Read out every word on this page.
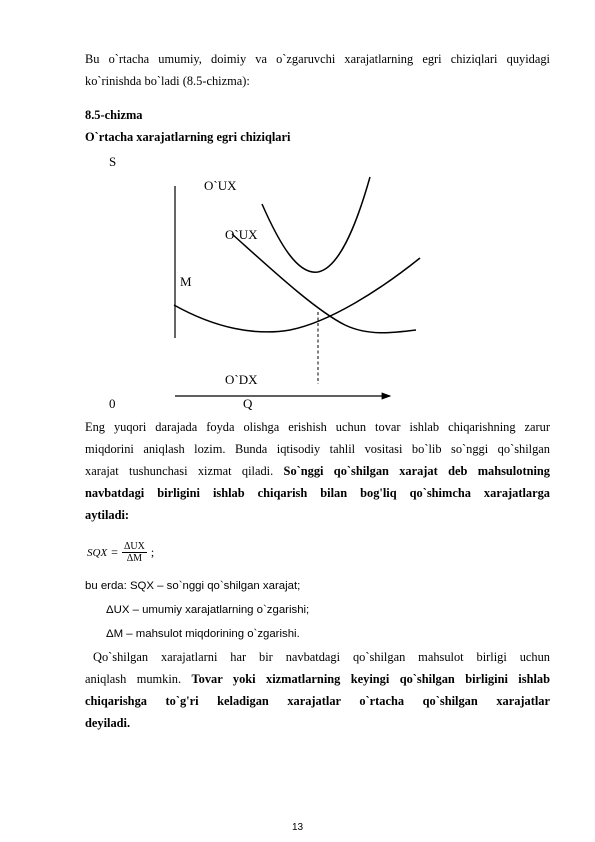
Bu o`rtacha umumiy, doimiy va o`zgaruvchi xarajatlarning egri chiziqlari quyidagi
ko`rinishda bo`ladi (8.5-chizma):
8.5-chizma
O`rtacha xarajatlarning egri chiziqlari
S
O`UX
O`UX
M
O`DX
0	Q
Eng yuqori darajada foyda olishga erishish uchun tovar ishlab chiqarishning zarur
miqdorini aniqlash lozim. Bunda iqtisodiy tahlil vositasi bo`lib so`nggi qo`shilgan
xarajat tushunchasi xizmat qiladi. So`nggi qo`shilgan xarajat deb mahsulotning
navbatdagi birligini ishlab chiqarish bilan bog'liq qo`shimcha xarajatlarga
aytiladi:
SQX = ΔUX
ΔM ;
bu erda: SQX – so`nggi qo`shilgan xarajat;
ΔUX – umumiy xarajatlarning o`zgarishi;
ΔM – mahsulot miqdorining o`zgarishi.
Qo`shilgan xarajatlarni har bir navbatdagi qo`shilgan mahsulot birligi uchun
aniqlash mumkin. Tovar yoki xizmatlarning keyingi qo`shilgan birligini ishlab
chiqarishga to`g'ri keladigan xarajatlar o`rtacha qo`shilgan xarajatlar
deyiladi.
13
